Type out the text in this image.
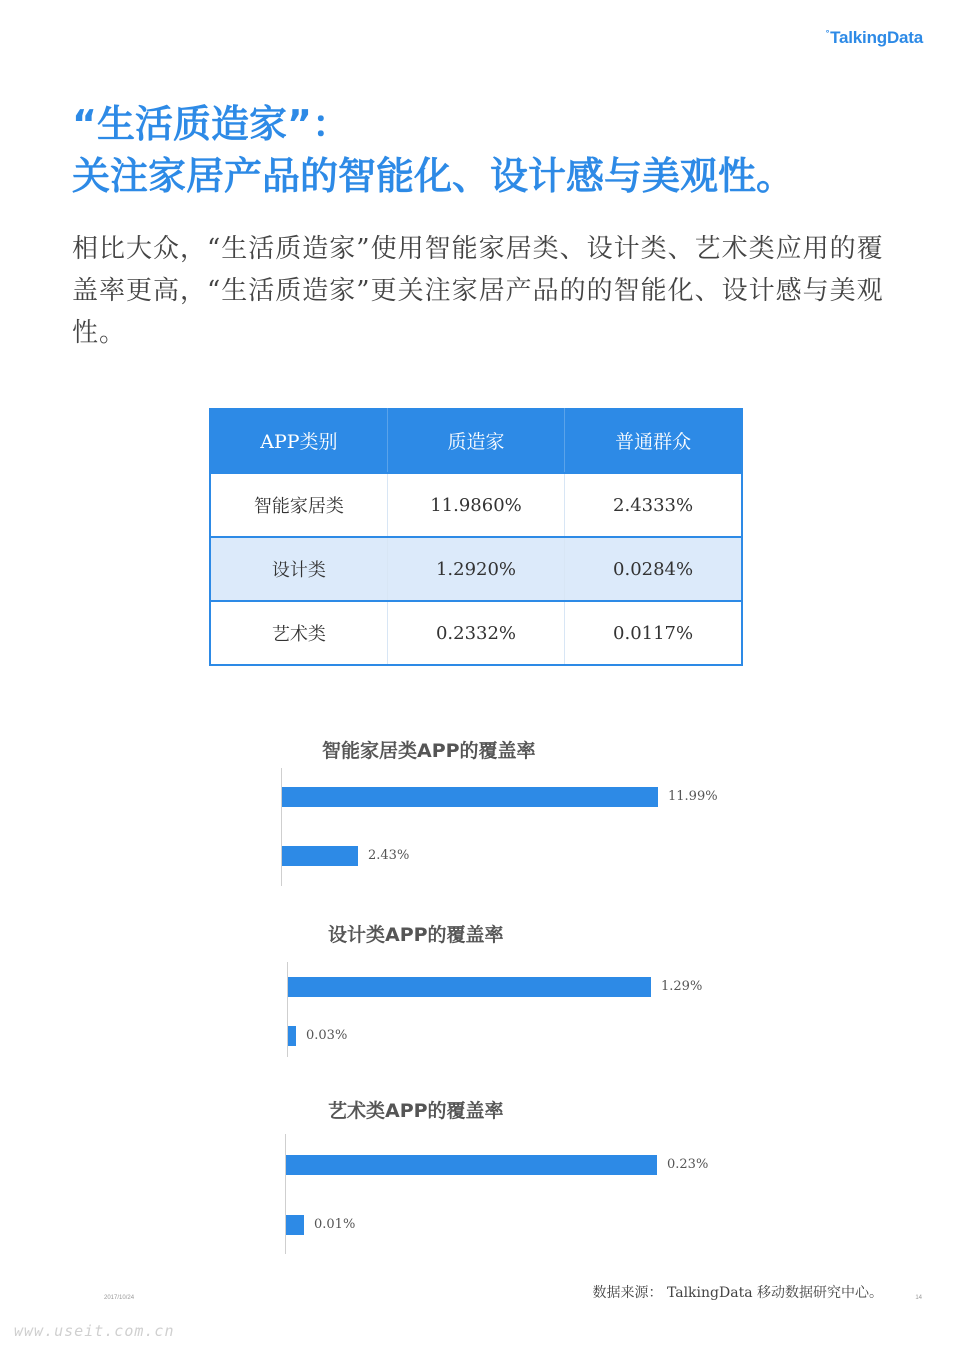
°TalkingData
“生活质造家”：
关注家居产品的智能化、设计感与美观性。

相比大众，“生活质造家”使用智能家居类、设计类、艺术类应用的覆盖率更高，“生活质造家”更关注家居产品的的智能化、设计感与美观性。

APP类别	质造家	普通群众
智能家居类	11.9860%	2.4333%
设计类	1.2920%	0.0284%
艺术类	0.2332%	0.0117%
智能家居类APP的覆盖率
11.99%
2.43%
设计类APP的覆盖率
1.29%
0.03%
艺术类APP的覆盖率
0.23%
0.01%
2017/10/24	数据来源： TalkingData 移动数据研究中心。	14
www.useit.com.cn
